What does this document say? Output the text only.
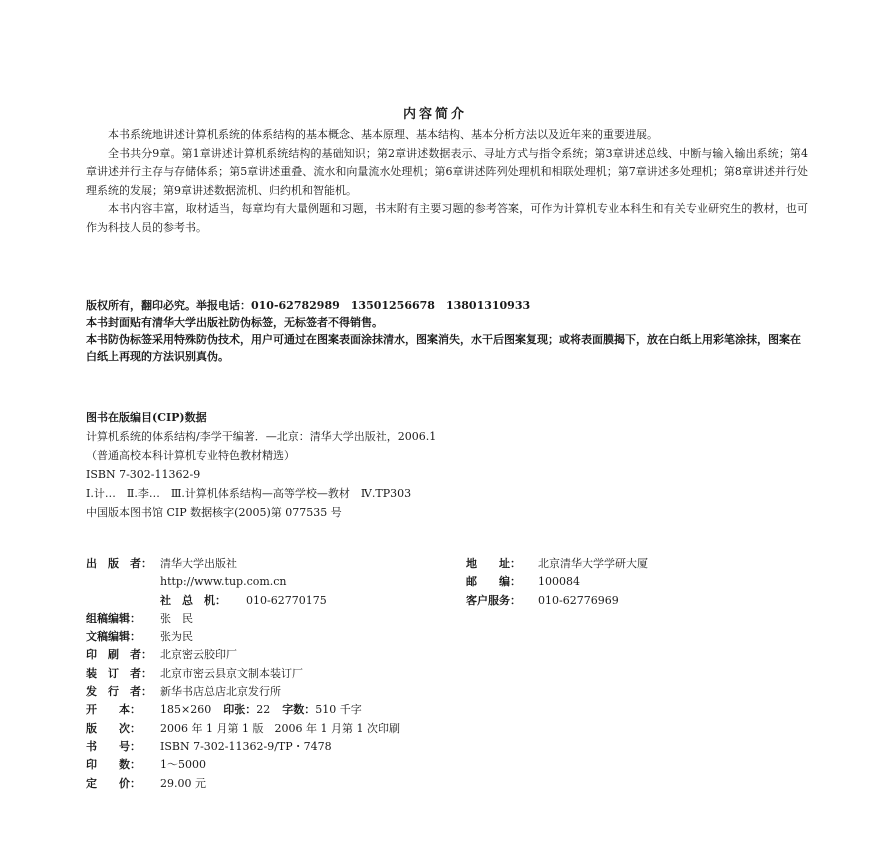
内容简介

本书系统地讲述计算机系统的体系结构的基本概念、基本原理、基本结构、基本分析方法以及近年来的重要进展。

全书共分9章。第1章讲述计算机系统结构的基础知识；第2章讲述数据表示、寻址方式与指令系统；第3章讲述总线、中断与输入输出系统；第4章讲述并行主存与存储体系；第5章讲述重叠、流水和向量流水处理机；第6章讲述阵列处理机和相联处理机；第7章讲述多处理机；第8章讲述并行处理系统的发展；第9章讲述数据流机、归约机和智能机。

本书内容丰富，取材适当，每章均有大量例题和习题，书末附有主要习题的参考答案，可作为计算机专业本科生和有关专业研究生的教材，也可作为科技人员的参考书。

版权所有，翻印必究。举报电话：010-62782989　13501256678　13801310933

本书封面贴有清华大学出版社防伪标签，无标签者不得销售。

本书防伪标签采用特殊防伪技术，用户可通过在图案表面涂抹清水，图案消失，水干后图案复现；或将表面膜揭下，放在白纸上用彩笔涂抹，图案在白纸上再现的方法识别真伪。

图书在版编目(CIP)数据

计算机系统的体系结构/李学干编著．—北京：清华大学出版社，2006.1

（普通高校本科计算机专业特色教材精选）

ISBN 7-302-11362-9

Ⅰ.计…　Ⅱ.李…　Ⅲ.计算机体系结构—高等学校—教材　Ⅳ.TP303

中国版本图书馆 CIP 数据核字(2005)第 077535 号

出　版　者： 清华大学出版社	地　　址： 北京清华大学学研大厦
http://www.tup.com.cn	邮　　编： 100084
社　总　机： 010-62770175	客户服务： 010-62776969
组稿编辑： 张　民
文稿编辑： 张为民
印　刷　者： 北京密云胶印厂
装　订　者： 北京市密云县京文制本装订厂
发　行　者： 新华书店总店北京发行所
开　　本： 185×260 印张：22 字数：510 千字
版　　次： 2006 年 1 月第 1 版　2006 年 1 月第 1 次印刷
书　　号： ISBN 7-302-11362-9/TP・7478
印　　数： 1～5000
定　　价： 29.00 元
